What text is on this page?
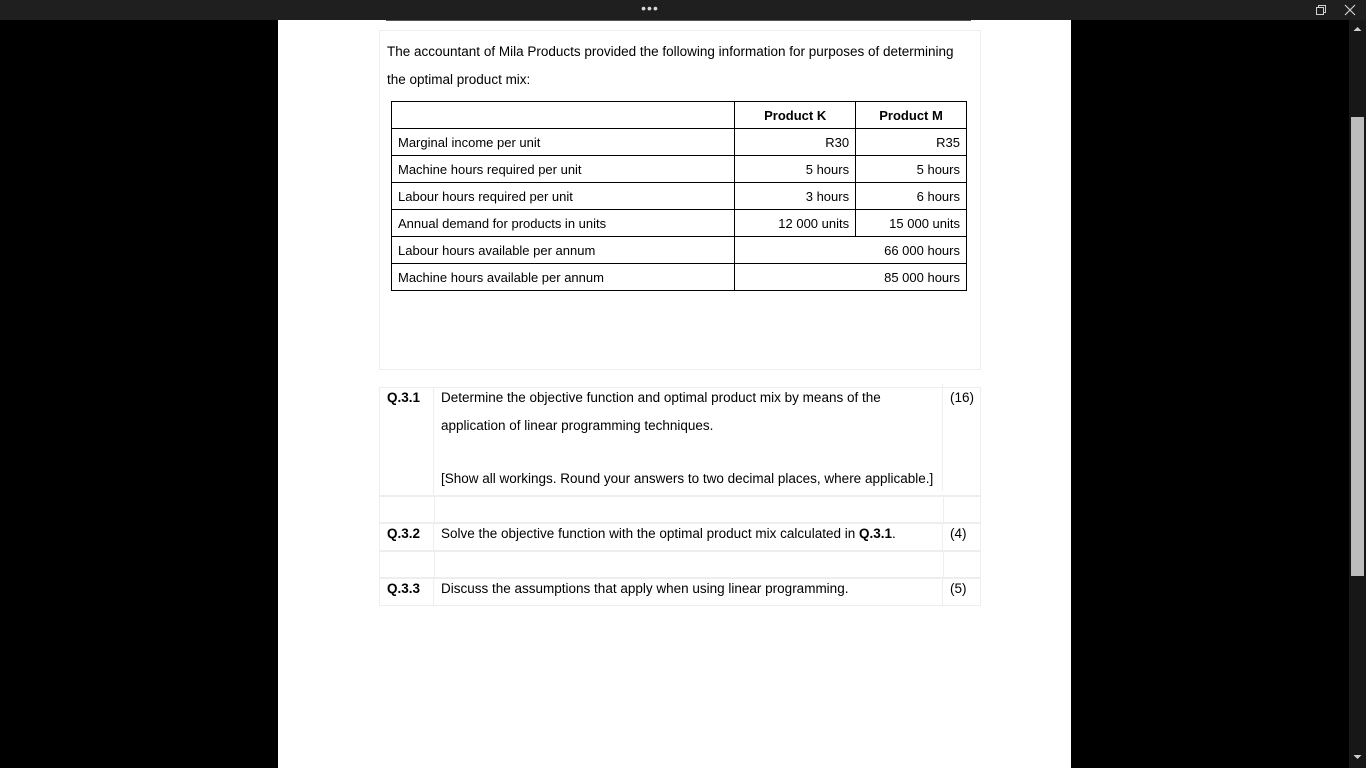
•••
The accountant of Mila Products provided the following information for purposes of determining
the optimal product mix:
	Product K	Product M
Marginal income per unit	R30	R35
Machine hours required per unit	5 hours	5 hours
Labour hours required per unit	3 hours	6 hours
Annual demand for products in units	12 000 units	15 000 units
Labour hours available per annum	66 000 hours	
Machine hours available per annum	85 000 hours	
Q.3.1	Determine the objective function and optimal product mix by means of the
application of linear programming techniques.
[Show all workings. Round your answers to two decimal places, where applicable.]
(16)
Q.3.2	Solve the objective function with the optimal product mix calculated in Q.3.1.	(4)
Q.3.3	Discuss the assumptions that apply when using linear programming.	(5)
